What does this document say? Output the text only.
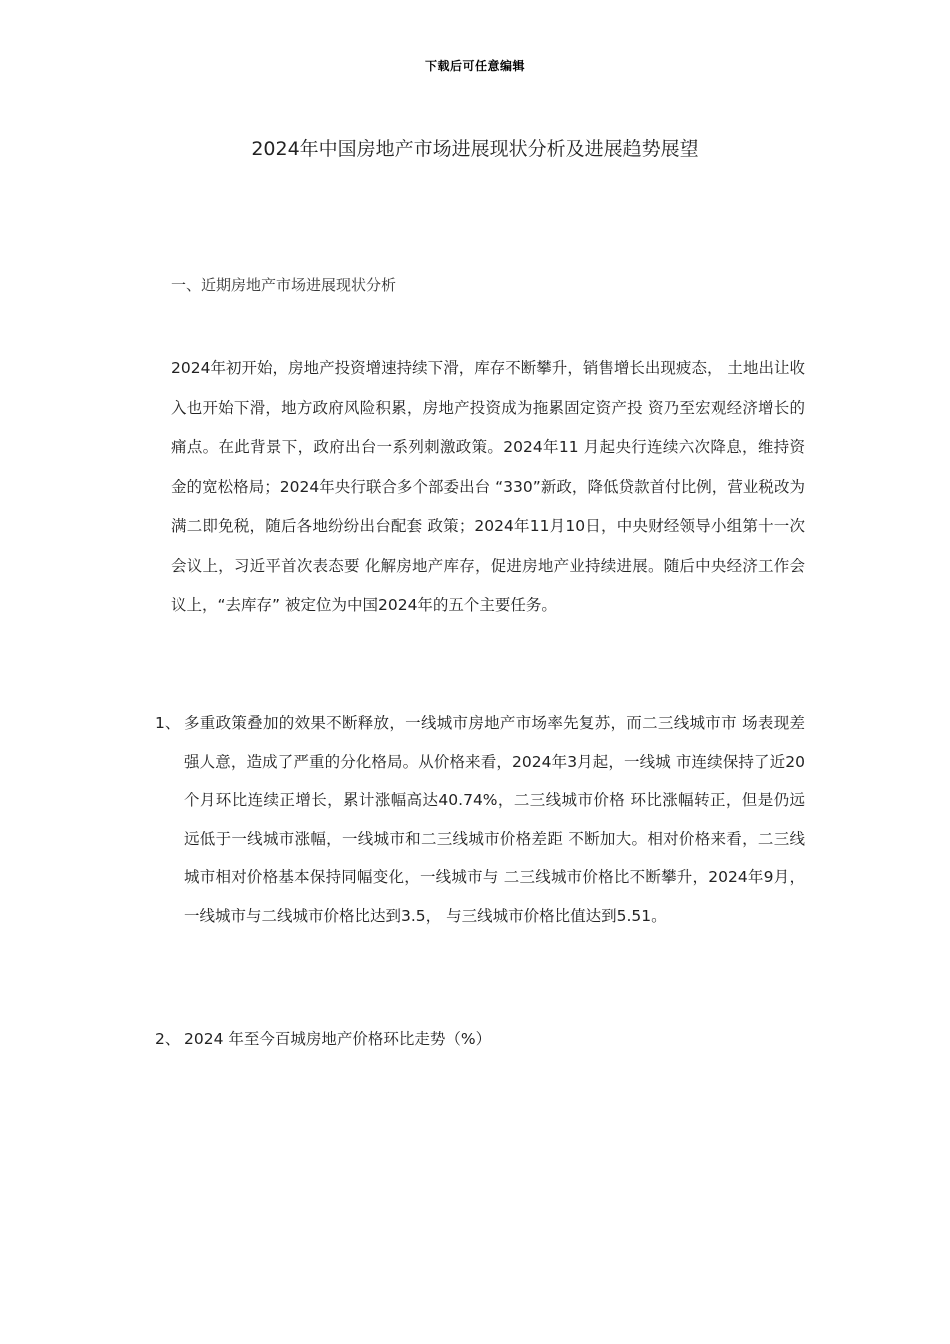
下载后可任意编辑
2024年中国房地产市场进展现状分析及进展趋势展望
一、近期房地产市场进展现状分析

2024年初开始，房地产投资增速持续下滑，库存不断攀升，销售增长出现疲态， 土地出让收入也开始下滑，地方政府风险积累，房地产投资成为拖累固定资产投 资乃至宏观经济增长的痛点。在此背景下，政府出台一系列刺激政策。2024年11 月起央行连续六次降息，维持资金的宽松格局；2024年央行联合多个部委出台 “330”新政，降低贷款首付比例，营业税改为满二即免税，随后各地纷纷出台配套 政策；2024年11月10日，中央财经领导小组第十一次会议上，习近平首次表态要 化解房地产库存，促进房地产业持续进展。随后中央经济工作会议上，“去库存” 被定位为中国2024年的五个主要任务。

1、 多重政策叠加的效果不断释放，一线城市房地产市场率先复苏，而二三线城市市 场表现差强人意，造成了严重的分化格局。从价格来看，2024年3月起，一线城 市连续保持了近20个月环比连续正增长，累计涨幅高达40.74%，二三线城市价格 环比涨幅转正，但是仍远远低于一线城市涨幅，一线城市和二三线城市价格差距 不断加大。相对价格来看，二三线城市相对价格基本保持同幅变化，一线城市与 二三线城市价格比不断攀升，2024年9月，一线城市与二线城市价格比达到3.5， 与三线城市价格比值达到5.51。
2、 2024 年至今百城房地产价格环比走势（%）
